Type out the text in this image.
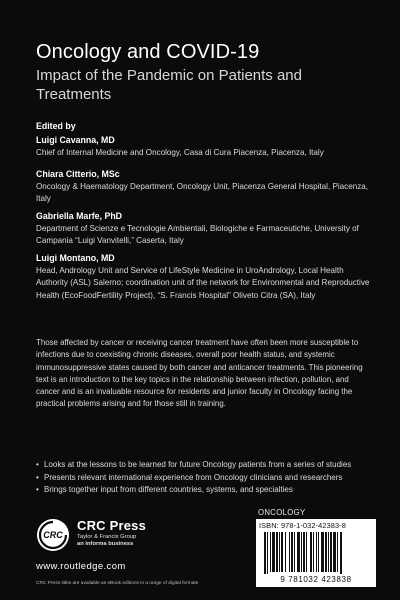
Oncology and COVID-19
Impact of the Pandemic on Patients and Treatments
Edited by
Luigi Cavanna, MD
Chief of Internal Medicine and Oncology, Casa di Cura Piacenza, Piacenza, Italy
Chiara Citterio, MSc
Oncology & Haematology Department, Oncology Unit, Piacenza General Hospital, Piacenza, Italy
Gabriella Marfe, PhD
Department of Scienze e Tecnologie Ambientali, Biologiche e Farmaceutiche, University of Campania “Luigi Vanvitelli,” Caserta, Italy
Luigi Montano, MD
Head, Andrology Unit and Service of LifeStyle Medicine in UroAndrology, Local Health Authority (ASL) Salerno; coordination unit of the network for Environmental and Reproductive Health (EcoFoodFertility Project), “S. Francis Hospital” Oliveto Citra (SA), Italy
Those affected by cancer or receiving cancer treatment have often been more susceptible to infections due to coexisting chronic diseases, overall poor health status, and systemic immunosuppressive states caused by both cancer and anticancer treatments. This pioneering text is an introduction to the key topics in the relationship between infection, pollution, and cancer and is an invaluable resource for residents and junior faculty in Oncology facing the practical problems arising and for those still in training.
• Looks at the lessons to be learned for future Oncology patients from a series of studies
• Presents relevant international experience from Oncology clinicians and researchers
• Brings together input from different countries, systems, and specialties
CRC
CRC Press
Taylor & Francis Group
an informa business
www.routledge.com
CRC Press titles are available as eBook editions in a range of digital formats
ONCOLOGY
ISBN: 978-1-032-42383-8
9 781032 423838
